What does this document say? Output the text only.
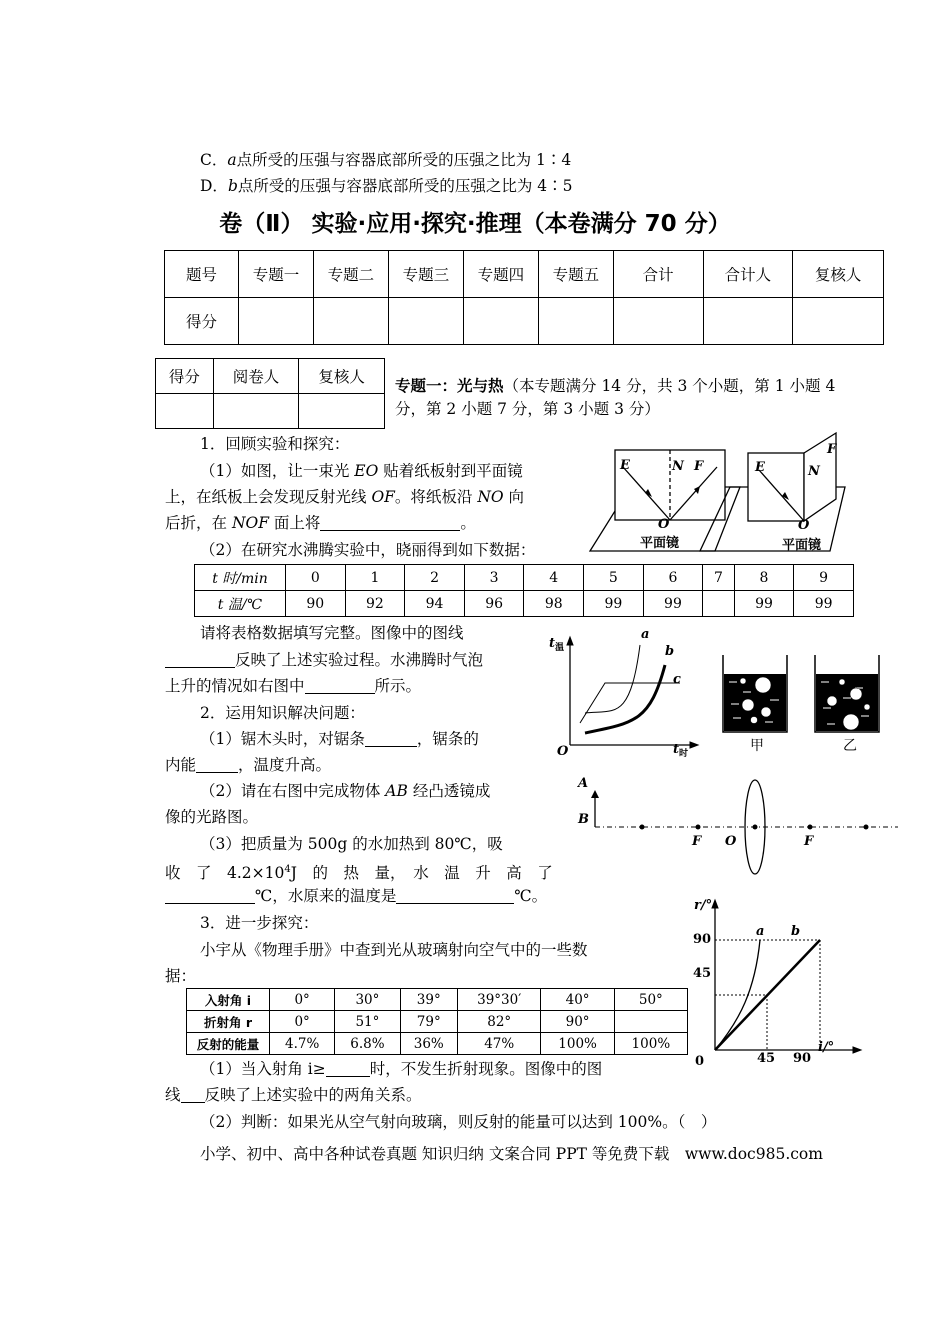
C．a点所受的压强与容器底部所受的压强之比为 1∶4
D．b点所受的压强与容器底部所受的压强之比为 4∶5
卷（Ⅱ） 实验·应用·探究·推理（本卷满分 70 分）
题号	专题一	专题二	专题三	专题四	专题五	合计	合计人	复核人
得分								
得分	阅卷人	复核人
		专题一：光与热（本专题满分 14 分，共 3 个小题，第 1 小题 4
分，第 2 小题 7 分，第 3 小题 3 分）
1．回顾实验和探究：
（1）如图，让一束光 EO 贴着纸板射到平面镜
上，在纸板上会发现反射光线 OF。将纸板沿 NO 向
后折，在 NOF 面上将	。
（2）在研究水沸腾实验中，晓丽得到如下数据：
t 时/min	0	1	2	3	4	5	6	7	8	9
t 温/℃	90	92	94	96	98	99	99		99	99
请将表格数据填写完整。图像中的图线
反映了上述实验过程。水沸腾时气泡
上升的情况如右图中	所示。
2．运用知识解决问题：
（1）锯木头时，对锯条	，锯条的
内能	，温度升高。
（2）请在右图中完成物体 AB 经凸透镜成
像的光路图。
（3）把质量为 500g 的水加热到 80℃，吸
收　了　$4.2\times 10^4J$　的　热　量，　水　温　升　高　了
℃，水原来的温度是	℃。
3．进一步探究：
小宇从《物理手册》中查到光从玻璃射向空气中的一些数
据：
入射角 i	0°	30°	39°	39°30′	40°	50°
折射角 r	0°	51°	79°	82°	90°	
反射的能量	4.7%	6.8%	36%	47%	100%	100%
（1）当入射角 i≥	时，不发生折射现象。图像中的图
线 反映了上述实验中的两角关系。
（2）判断：如果光从空气射向玻璃，则反射的能量可以达到 100%。（　）
小学、初中、高中各种试卷真题 知识归纳 文案合同 PPT 等免费下载　www.doc985.com
E	N F
O
E	N
F
O
平面镜	平面镜
$t_温$
$t_时$
O
a
b
c
甲	乙
A
B
F O	F
r/°
i/°
0
90
45
45 90
a b
